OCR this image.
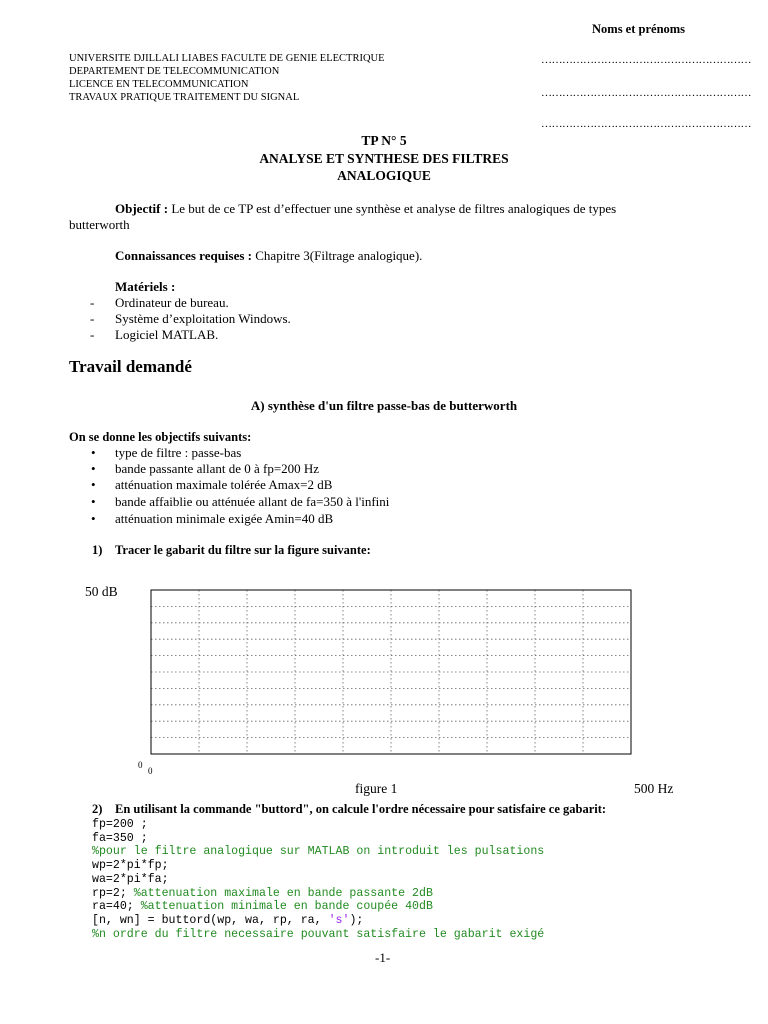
Noms et prénoms
UNIVERSITE DJILLALI LIABES FACULTE DE GENIE ELECTRIQUE
DEPARTEMENT DE TELECOMMUNICATION
LICENCE EN TELECOMMUNICATION
TRAVAUX PRATIQUE TRAITEMENT DU SIGNAL
……………………………………………………
……………………………………………………
……………………………………………………
TP N° 5
ANALYSE ET SYNTHESE DES FILTRES
ANALOGIQUE
Objectif : Le but de ce TP est d’effectuer une synthèse et analyse de filtres analogiques de types
butterworth
Connaissances requises : Chapitre 3(Filtrage analogique).
Matériels :
- Ordinateur de bureau.
- Système d’exploitation Windows.
- Logiciel MATLAB.
Travail demandé
A) synthèse d'un filtre passe-bas de butterworth
On se donne les objectifs suivants:
• type de filtre : passe-bas
• bande passante allant de 0 à fp=200 Hz
• atténuation maximale tolérée Amax=2 dB
• bande affaiblie ou atténuée allant de fa=350 à l'infini
• atténuation minimale exigée Amin=40 dB
1) Tracer le gabarit du filtre sur la figure suivante:
50 dB
0
0
figure 1	500 Hz
2) En utilisant la commande "buttord", on calcule l'ordre nécessaire pour satisfaire ce gabarit:
fp=200 ;
fa=350 ;
%pour le filtre analogique sur MATLAB on introduit les pulsations
wp=2*pi*fp;
wa=2*pi*fa;
rp=2; %attenuation maximale en bande passante 2dB
ra=40; %attenuation minimale en bande coupée 40dB
[n, wn] = buttord(wp, wa, rp, ra, 's');
%n ordre du filtre necessaire pouvant satisfaire le gabarit exigé
-1-
